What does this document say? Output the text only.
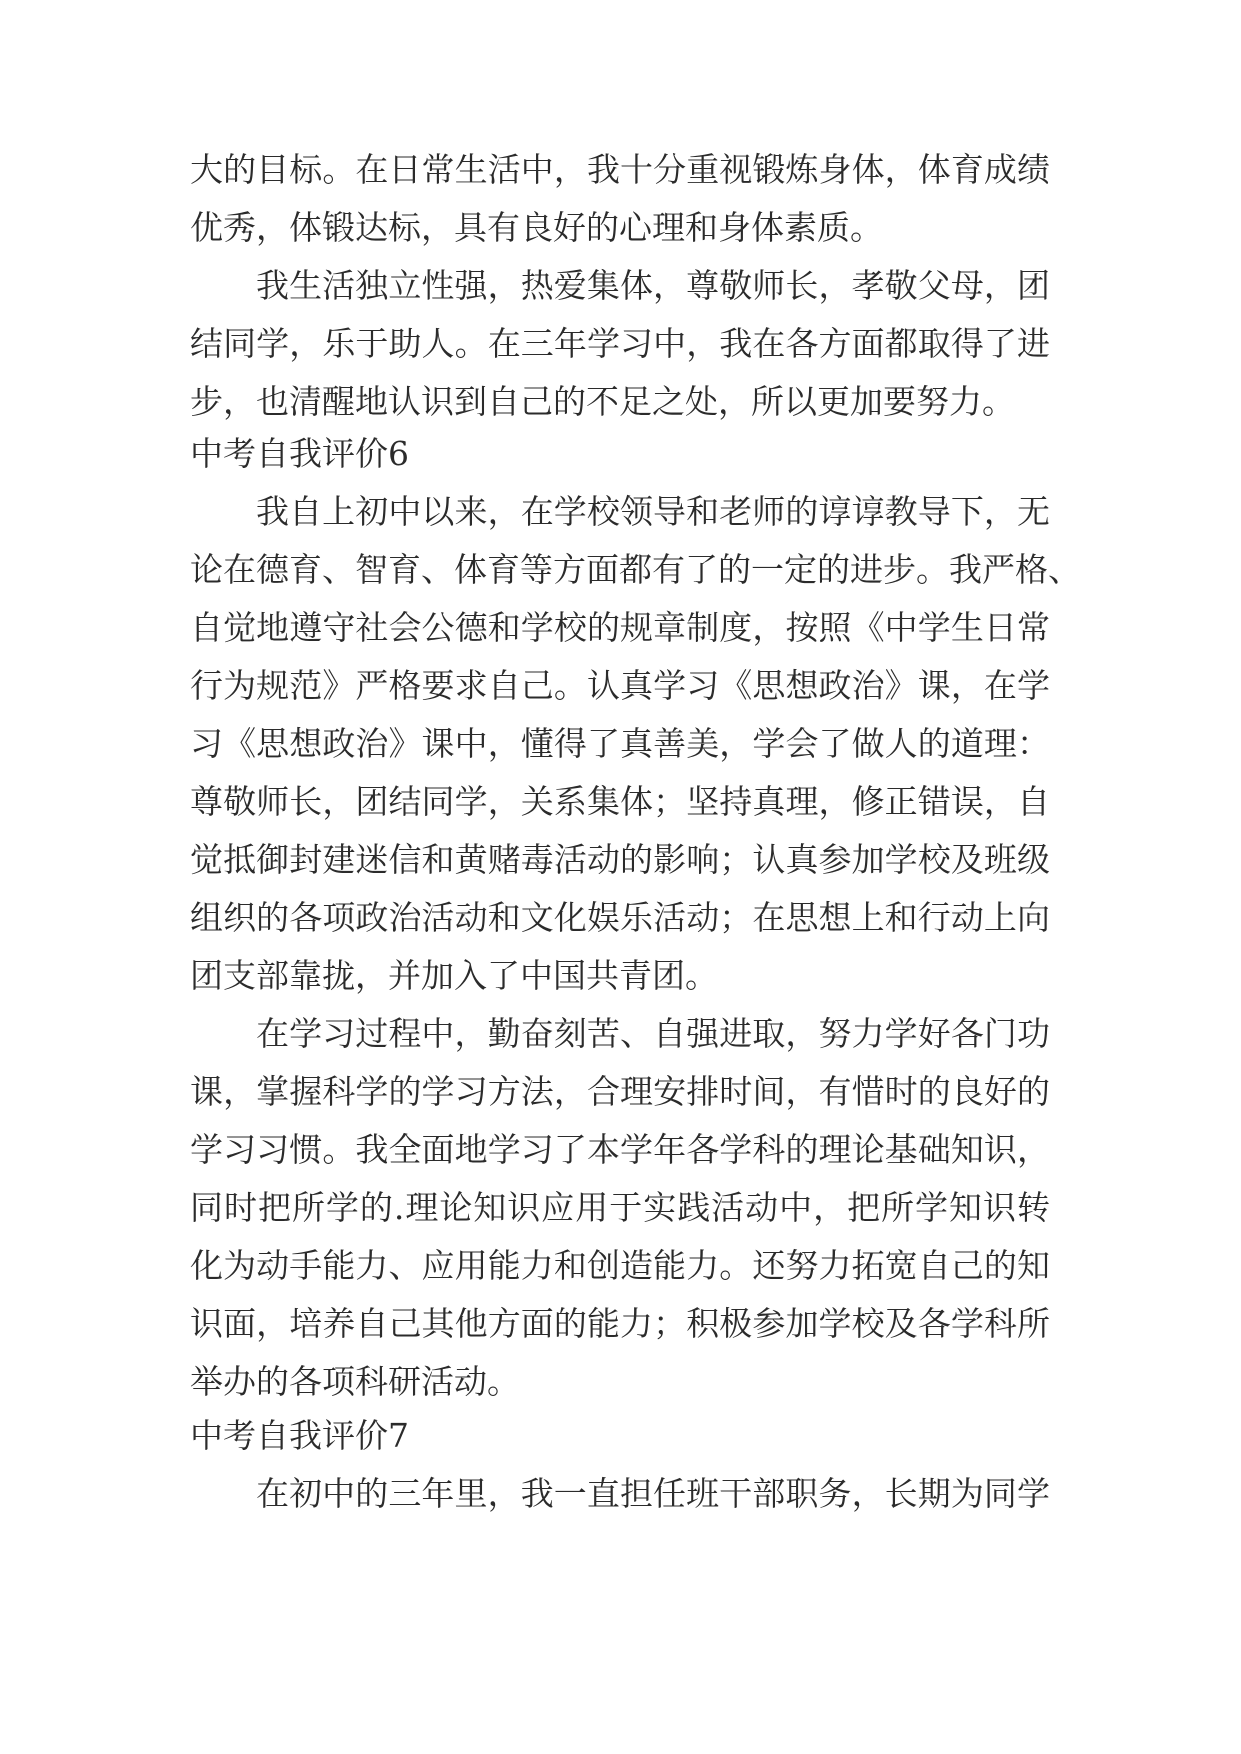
大的目标。在日常生活中，我十分重视锻炼身体，体育成绩

优秀，体锻达标，具有良好的心理和身体素质。

我生活独立性强，热爱集体，尊敬师长，孝敬父母，团

结同学，乐于助人。在三年学习中，我在各方面都取得了进

步，也清醒地认识到自己的不足之处，所以更加要努力。

中考自我评价6

我自上初中以来，在学校领导和老师的谆谆教导下，无

论在德育、智育、体育等方面都有了的一定的进步。我严格、

自觉地遵守社会公德和学校的规章制度，按照《中学生日常

行为规范》严格要求自己。认真学习《思想政治》课，在学

习《思想政治》课中，懂得了真善美，学会了做人的道理：

尊敬师长，团结同学，关系集体；坚持真理，修正错误，自

觉抵御封建迷信和黄赌毒活动的影响；认真参加学校及班级

组织的各项政治活动和文化娱乐活动；在思想上和行动上向

团支部靠拢，并加入了中国共青团。

在学习过程中，勤奋刻苦、自强进取，努力学好各门功

课，掌握科学的学习方法，合理安排时间，有惜时的良好的

学习习惯。我全面地学习了本学年各学科的理论基础知识，

同时把所学的.理论知识应用于实践活动中，把所学知识转

化为动手能力、应用能力和创造能力。还努力拓宽自己的知

识面，培养自己其他方面的能力；积极参加学校及各学科所

举办的各项科研活动。

中考自我评价7

在初中的三年里，我一直担任班干部职务，长期为同学
